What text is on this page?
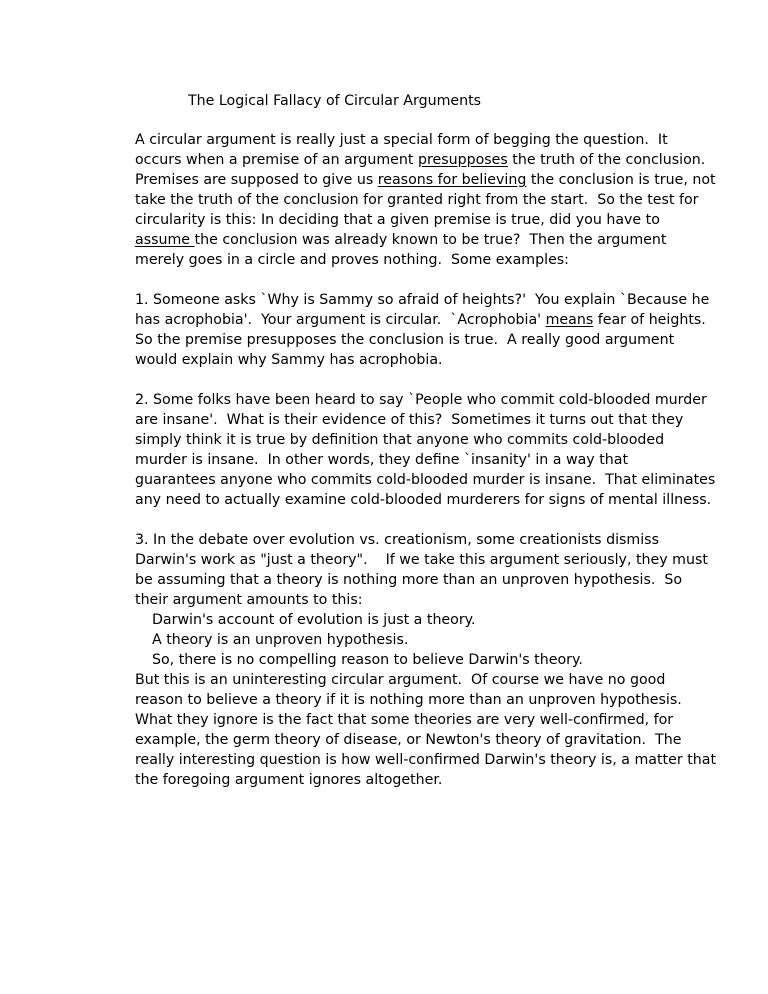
The Logical Fallacy of Circular Arguments
A circular argument is really just a special form of begging the question.  It
occurs when a premise of an argument presupposes the truth of the conclusion.
Premises are supposed to give us reasons for believing the conclusion is true, not
take the truth of the conclusion for granted right from the start.  So the test for
circularity is this: In deciding that a given premise is true, did you have to
assume the conclusion was already known to be true?  Then the argument
merely goes in a circle and proves nothing.  Some examples:
1. Someone asks `Why is Sammy so afraid of heights?'  You explain `Because he
has acrophobia'.  Your argument is circular.  `Acrophobia' means fear of heights.
So the premise presupposes the conclusion is true.  A really good argument
would explain why Sammy has acrophobia.
2. Some folks have been heard to say `People who commit cold-blooded murder
are insane'.  What is their evidence of this?  Sometimes it turns out that they
simply think it is true by definition that anyone who commits cold-blooded
murder is insane.  In other words, they define `insanity' in a way that
guarantees anyone who commits cold-blooded murder is insane.  That eliminates
any need to actually examine cold-blooded murderers for signs of mental illness.
3. In the debate over evolution vs. creationism, some creationists dismiss
Darwin's work as "just a theory".    If we take this argument seriously, they must
be assuming that a theory is nothing more than an unproven hypothesis.  So
their argument amounts to this:
Darwin's account of evolution is just a theory.
A theory is an unproven hypothesis.
So, there is no compelling reason to believe Darwin's theory.
But this is an uninteresting circular argument.  Of course we have no good
reason to believe a theory if it is nothing more than an unproven hypothesis.
What they ignore is the fact that some theories are very well-confirmed, for
example, the germ theory of disease, or Newton's theory of gravitation.  The
really interesting question is how well-confirmed Darwin's theory is, a matter that
the foregoing argument ignores altogether.
